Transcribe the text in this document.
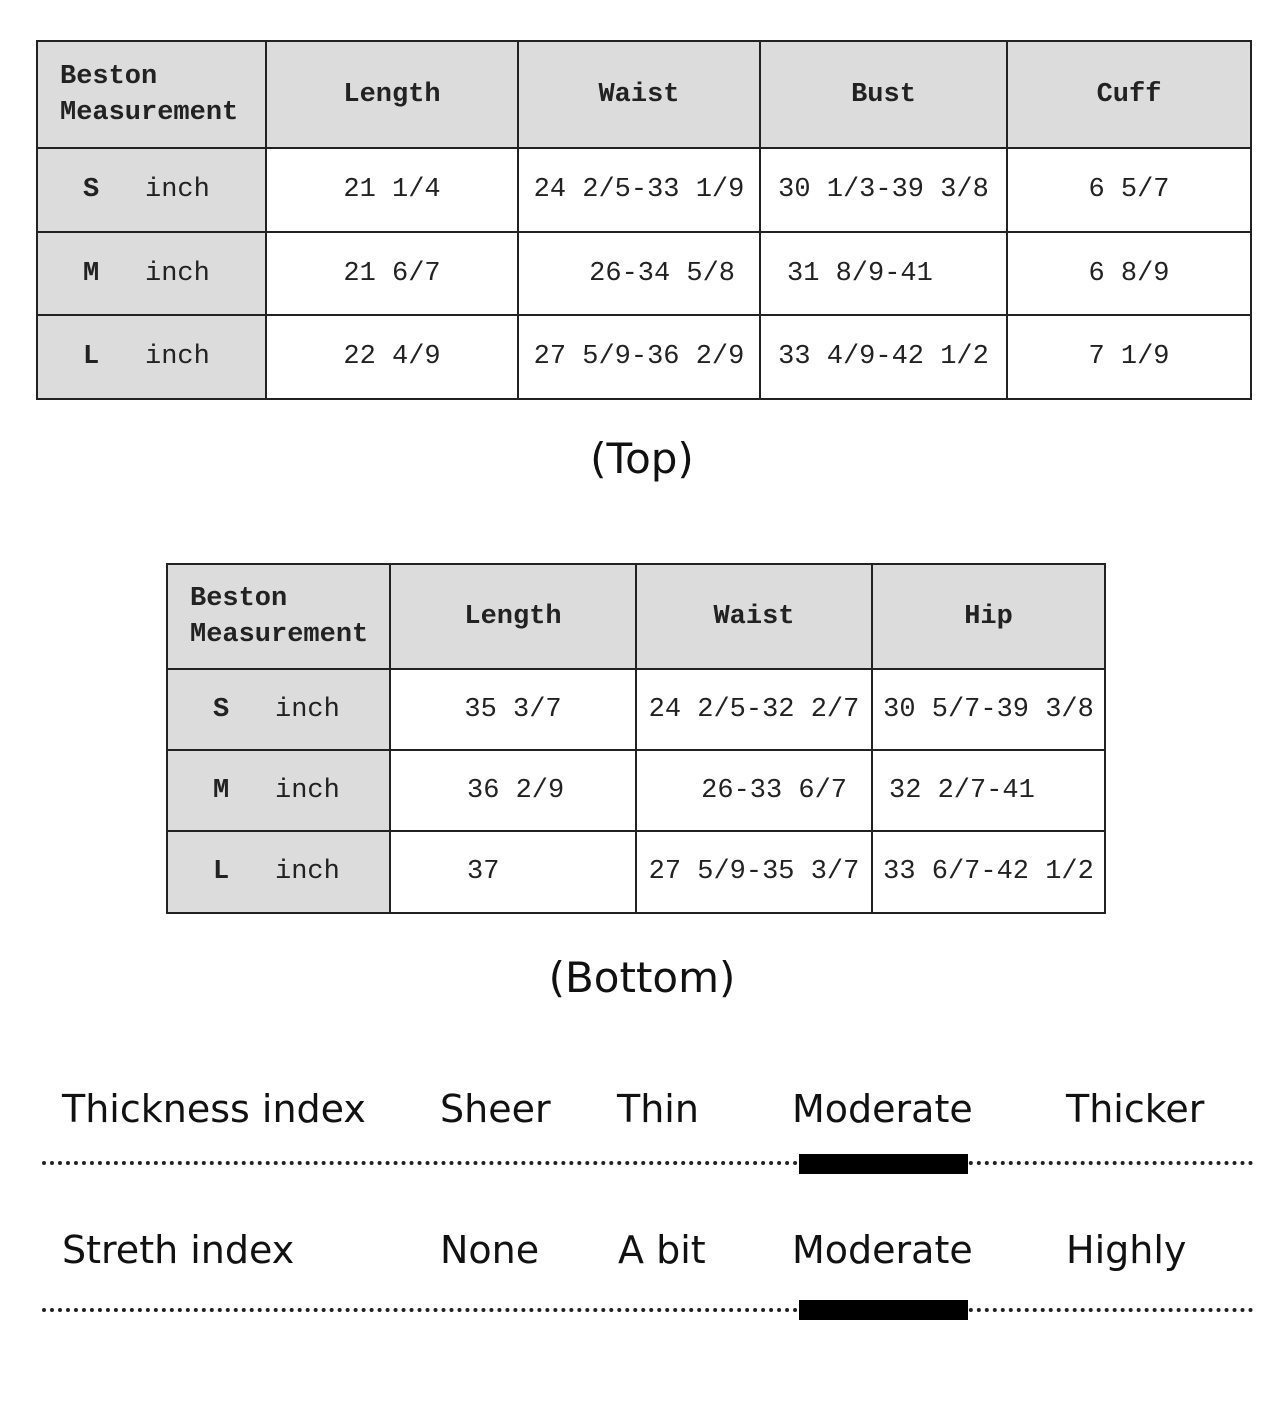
Beston
Measurement	Length	Waist	Bust	Cuff
S inch	21 1/4	24 2/5-33 1/9	30 1/3-39 3/8	6 5/7
M inch	21 6/7	26-34 5/8	31 8/9-41	6 8/9
L inch	22 4/9	27 5/9-36 2/9	33 4/9-42 1/2	7 1/9
(Top)
Beston
Measurement	Length	Waist	Hip
S inch	35 3/7	24 2/5-32 2/7	30 5/7-39 3/8
M inch	36 2/9	26-33 6/7	32 2/7-41
L inch	37	27 5/9-35 3/7	33 6/7-42 1/2
(Bottom)
Thickness index Sheer Thin Moderate Thicker
Streth index	None A bit Moderate Highly
